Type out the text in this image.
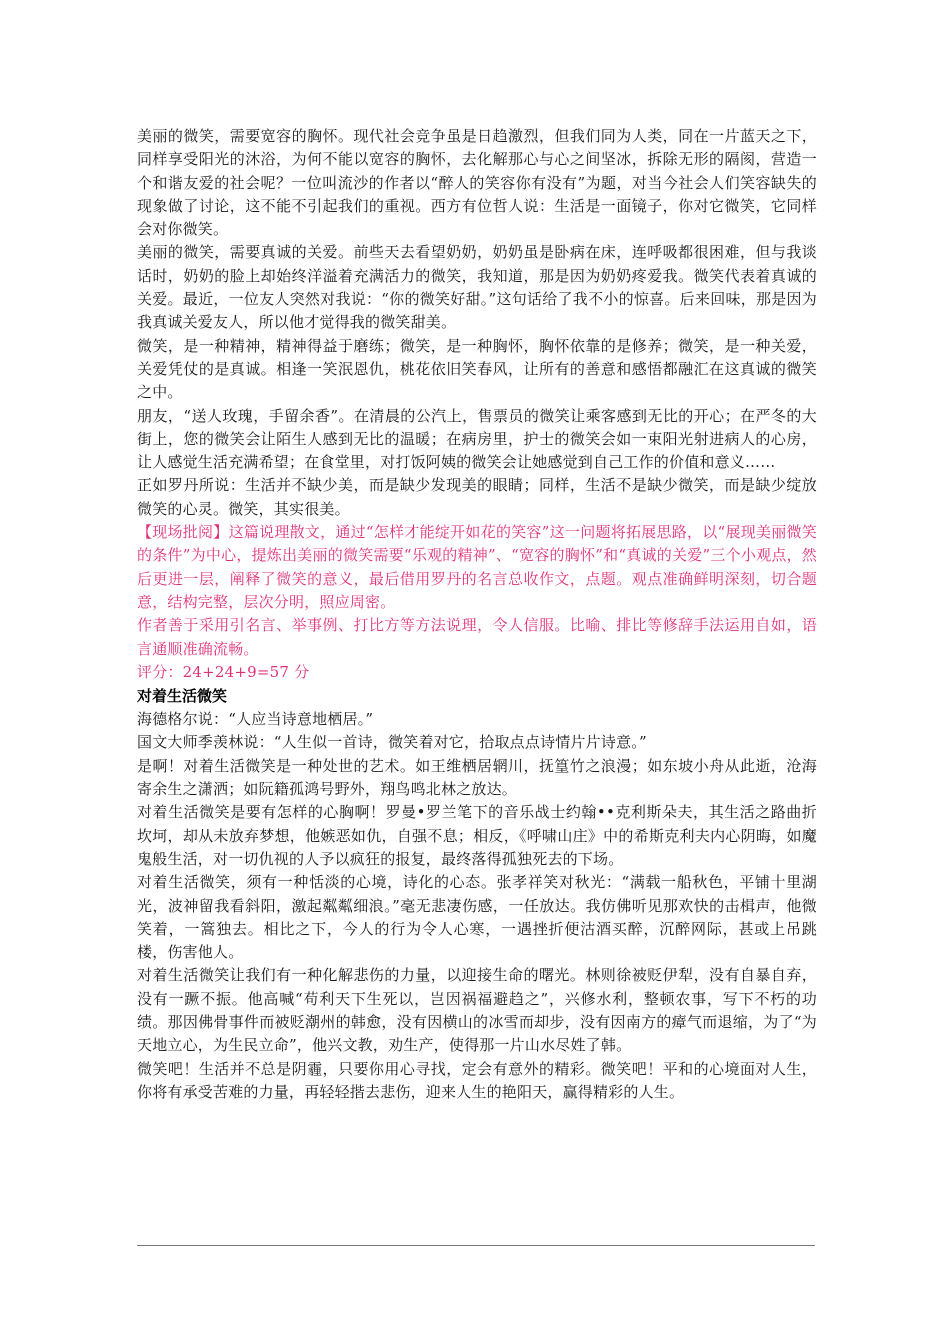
美丽的微笑，需要宽容的胸怀。现代社会竞争虽是日趋激烈，但我们同为人类，同在一片蓝天之下，同样享受阳光的沐浴，为何不能以宽容的胸怀，去化解那心与心之间坚冰，拆除无形的隔阂，营造一个和谐友爱的社会呢？一位叫流沙的作者以“醉人的笑容你有没有”为题，对当今社会人们笑容缺失的现象做了讨论，这不能不引起我们的重视。西方有位哲人说：生活是一面镜子，你对它微笑，它同样会对你微笑。

美丽的微笑，需要真诚的关爱。前些天去看望奶奶，奶奶虽是卧病在床，连呼吸都很困难，但与我谈话时，奶奶的脸上却始终洋溢着充满活力的微笑，我知道，那是因为奶奶疼爱我。微笑代表着真诚的关爱。最近，一位友人突然对我说：“你的微笑好甜。”这句话给了我不小的惊喜。后来回味，那是因为我真诚关爱友人，所以他才觉得我的微笑甜美。

微笑，是一种精神，精神得益于磨练；微笑，是一种胸怀，胸怀依靠的是修养；微笑，是一种关爱，关爱凭仗的是真诚。相逢一笑泯恩仇，桃花依旧笑春风，让所有的善意和感悟都融汇在这真诚的微笑之中。

朋友，“送人玫瑰，手留余香”。在清晨的公汽上，售票员的微笑让乘客感到无比的开心；在严冬的大街上，您的微笑会让陌生人感到无比的温暖；在病房里，护士的微笑会如一束阳光射进病人的心房，让人感觉生活充满希望；在食堂里，对打饭阿姨的微笑会让她感觉到自己工作的价值和意义……

正如罗丹所说：生活并不缺少美，而是缺少发现美的眼睛；同样，生活不是缺少微笑，而是缺少绽放微笑的心灵。微笑，其实很美。

【现场批阅】这篇说理散文，通过“怎样才能绽开如花的笑容”这一问题将拓展思路，以“展现美丽微笑的条件”为中心，提炼出美丽的微笑需要“乐观的精神”、“宽容的胸怀”和“真诚的关爱”三个小观点，然后更进一层，阐释了微笑的意义，最后借用罗丹的名言总收作文，点题。观点准确鲜明深刻，切合题意，结构完整，层次分明，照应周密。

作者善于采用引名言、举事例、打比方等方法说理，令人信服。比喻、排比等修辞手法运用自如，语言通顺准确流畅。

评分：24+24+9=57 分

对着生活微笑

海德格尔说：“人应当诗意地栖居。”

国文大师季羡林说：“人生似一首诗，微笑着对它，拾取点点诗情片片诗意。”

是啊！对着生活微笑是一种处世的艺术。如王维栖居辋川，抚篁竹之浪漫；如东坡小舟从此逝，沧海寄余生之潇洒；如阮籍孤鸿号野外，翔鸟鸣北林之放达。

对着生活微笑是要有怎样的心胸啊！罗曼•罗兰笔下的音乐战士约翰••克利斯朵夫，其生活之路曲折坎坷，却从未放弃梦想，他嫉恶如仇，自强不息；相反，《呼啸山庄》中的希斯克利夫内心阴晦，如魔鬼般生活，对一切仇视的人予以疯狂的报复，最终落得孤独死去的下场。

对着生活微笑，须有一种恬淡的心境，诗化的心态。张孝祥笑对秋光：“满载一船秋色，平铺十里湖光，波神留我看斜阳，激起粼粼细浪。”毫无悲凄伤感，一任放达。我仿佛听见那欢快的击楫声，他微笑着，一篙独去。相比之下，今人的行为令人心寒，一遇挫折便沽酒买醉，沉醉网际，甚或上吊跳楼，伤害他人。

对着生活微笑让我们有一种化解悲伤的力量，以迎接生命的曙光。林则徐被贬伊犁，没有自暴自弃，没有一蹶不振。他高喊“苟利天下生死以，岂因祸福避趋之”，兴修水利，整顿农事，写下不朽的功绩。那因佛骨事件而被贬潮州的韩愈，没有因横山的冰雪而却步，没有因南方的瘴气而退缩，为了“为天地立心，为生民立命”，他兴文教，劝生产，使得那一片山水尽姓了韩。

微笑吧！生活并不总是阴霾，只要你用心寻找，定会有意外的精彩。微笑吧！平和的心境面对人生，你将有承受苦难的力量，再轻轻揩去悲伤，迎来人生的艳阳天，赢得精彩的人生。
